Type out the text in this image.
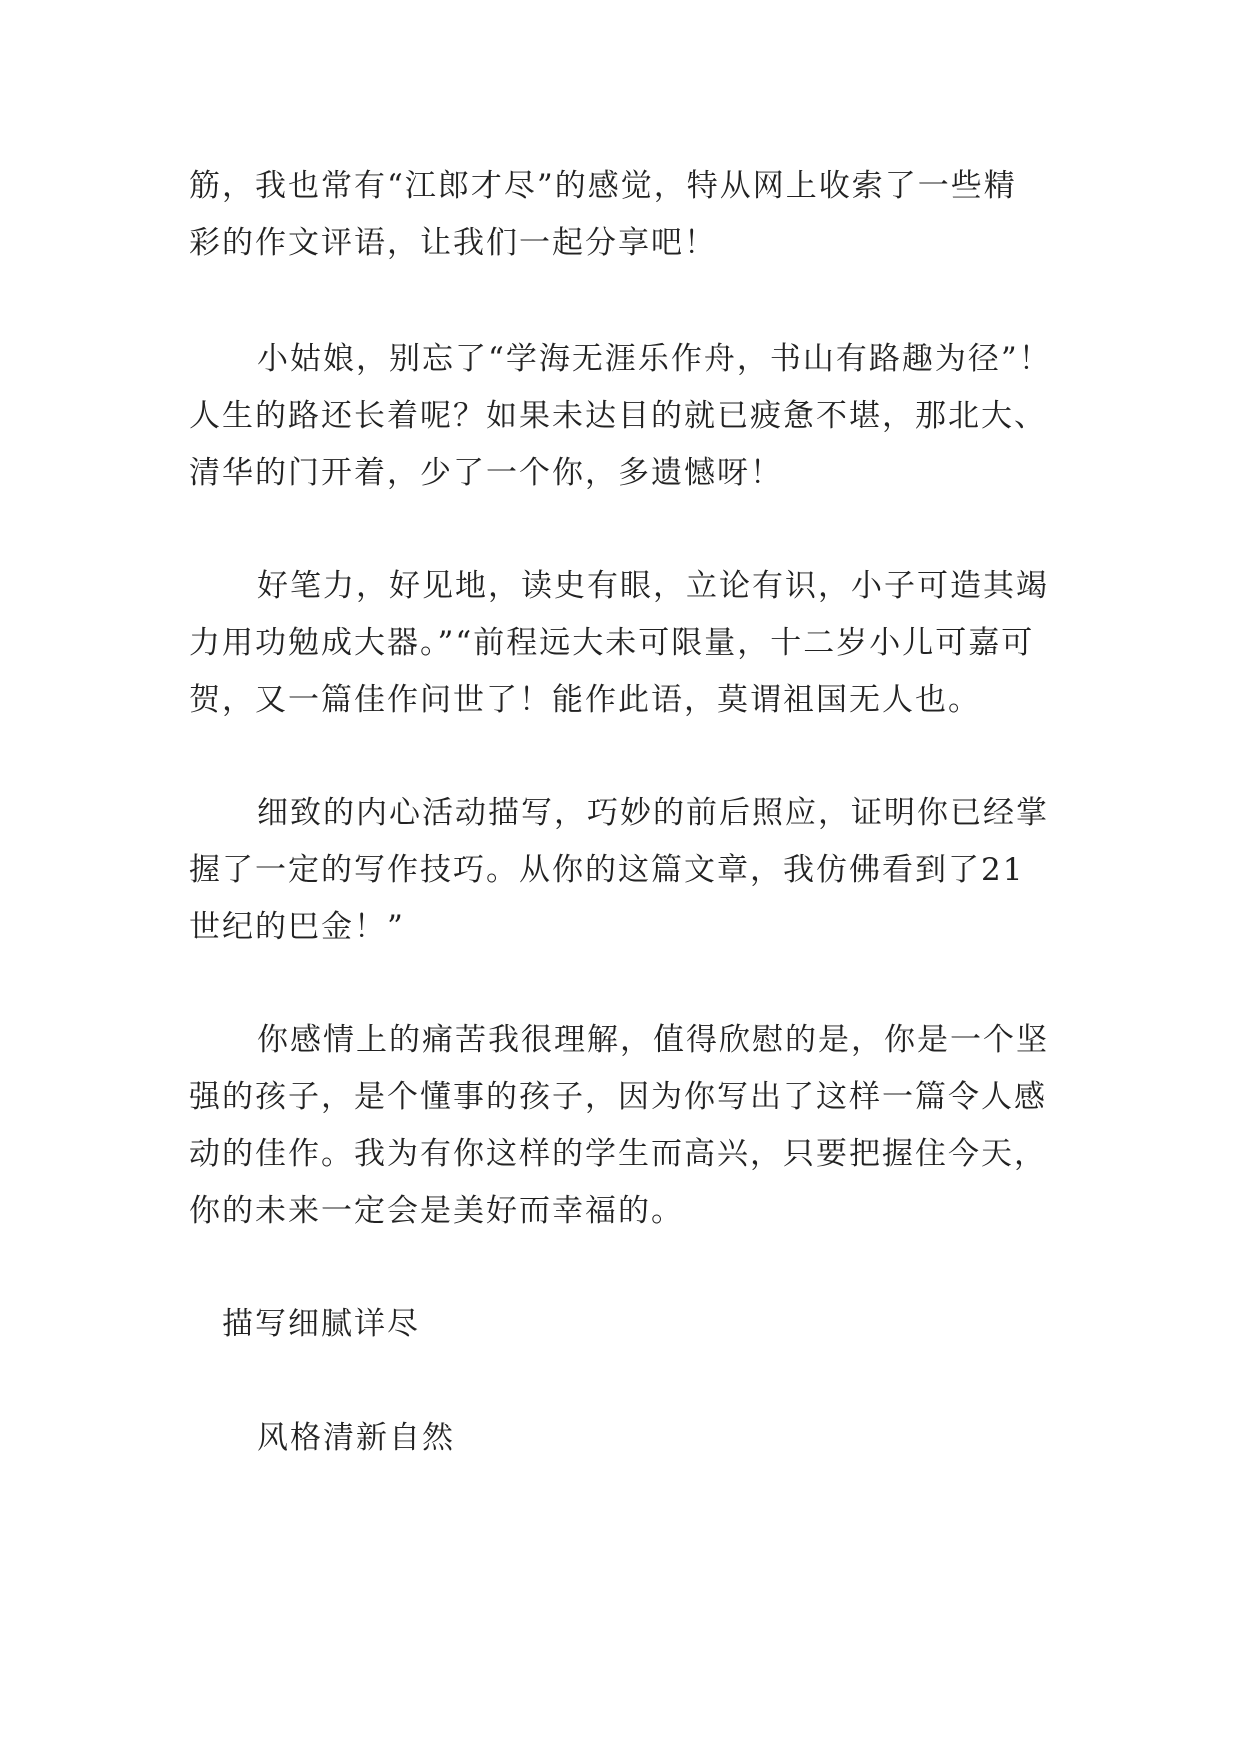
筋，我也常有“江郎才尽”的感觉，特从网上收索了一些精
彩的作文评语，让我们一起分享吧！
小姑娘，别忘了“学海无涯乐作舟，书山有路趣为径”！
人生的路还长着呢？如果未达目的就已疲惫不堪，那北大、
清华的门开着，少了一个你，多遗憾呀！
好笔力，好见地，读史有眼，立论有识，小子可造其竭
力用功勉成大器。”“前程远大未可限量，十二岁小儿可嘉可
贺，又一篇佳作问世了！能作此语，莫谓祖国无人也。
细致的内心活动描写，巧妙的前后照应，证明你已经掌
握了一定的写作技巧。从你的这篇文章，我仿佛看到了21
世纪的巴金！”
你感情上的痛苦我很理解，值得欣慰的是，你是一个坚
强的孩子，是个懂事的孩子，因为你写出了这样一篇令人感
动的佳作。我为有你这样的学生而高兴，只要把握住今天，
你的未来一定会是美好而幸福的。
描写细腻详尽
风格清新自然
